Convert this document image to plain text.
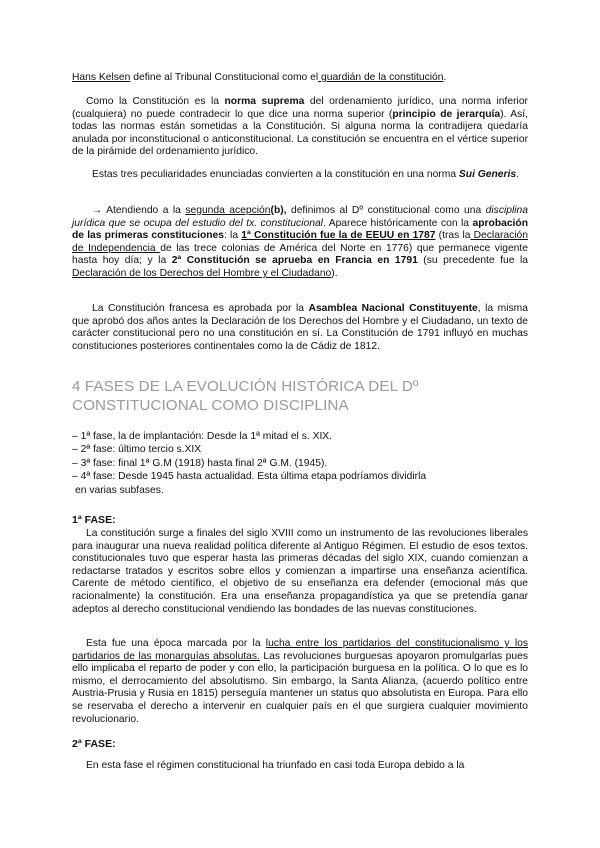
Hans Kelsen define al Tribunal Constitucional como el guardián de la constitución.
Como la Constitución es la norma suprema del ordenamiento jurídico, una norma inferior (cualquiera) no puede contradecir lo que dice una norma superior (principio de jerarquía). Así, todas las normas están sometidas a la Constitución. Si alguna norma la contradijera quedaría anulada por inconstitucional o anticonstitucional. La constitución se encuentra en el vértice superior de la pirámide del ordenamiento jurídico.
Estas tres peculiaridades enunciadas convierten a la constitución en una norma Sui Generis.
→ Atendiendo a la segunda acepción(b), definimos al Dº constitucional como una disciplina jurídica que se ocupa del estudio del tx. constitucional. Aparece históricamente con la aprobación de las primeras constituciones: la 1ª Constitución fue la de EEUU en 1787 (tras la Declaración de Independencia de las trece colonias de América del Norte en 1776) que permanece vigente hasta hoy día; y la 2ª Constitución se aprueba en Francia en 1791 (su precedente fue la Declaración de los Derechos del Hombre y el Ciudadano).
La Constitución francesa es aprobada por la Asamblea Nacional Constituyente, la misma que aprobó dos años antes la Declaración de los Derechos del Hombre y el Ciudadano, un texto de carácter constitucional pero no una constitución en sí. La Constitución de 1791 influyó en muchas constituciones posteriores continentales como la de Cádiz de 1812.
4 FASES DE LA EVOLUCIÓN HISTÓRICA DEL Dº
CONSTITUCIONAL COMO DISCIPLINA
– 1ª fase, la de implantación: Desde la 1ª mitad el s. XIX.
– 2ª fase: último tercio s.XIX
– 3ª fase: final 1ª G.M (1918) hasta final 2ª G.M. (1945).
– 4ª fase: Desde 1945 hasta actualidad. Esta última etapa podríamos dividirla
en varias subfases.
1ª FASE:
La constitución surge a finales del siglo XVIII como un instrumento de las revoluciones liberales para inaugurar una nueva realidad política diferente al Antiguo Régimen. El estudio de esos textos. constitucionales tuvo que esperar hasta las primeras décadas del siglo XIX, cuando comienzan a redactarse tratados y escritos sobre ellos y comienzan a impartirse una enseñanza acientífica. Carente de método científico, el objetivo de su enseñanza era defender (emocional más que racionalmente) la constitución. Era una enseñanza propagandística ya que se pretendía ganar adeptos al derecho constitucional vendiendo las bondades de las nuevas constituciones.
Esta fue una época marcada por la lucha entre los partidarios del constitucionalismo y los partidarios de las monarquías absolutas. Las revoluciones burguesas apoyaron promulgarlas pues ello implicaba el reparto de poder y con ello, la participación burguesa en la política. O lo que es lo mismo, el derrocamiento del absolutismo. Sin embargo, la Santa Alianza, (acuerdo político entre Austria-Prusia y Rusia en 1815) perseguía mantener un status quo absolutista en Europa. Para ello se reservaba el derecho a intervenir en cualquier país en el que surgiera cualquier movimiento revolucionario.
2ª FASE:
En esta fase el régimen constitucional ha triunfado en casi toda Europa debido a la
